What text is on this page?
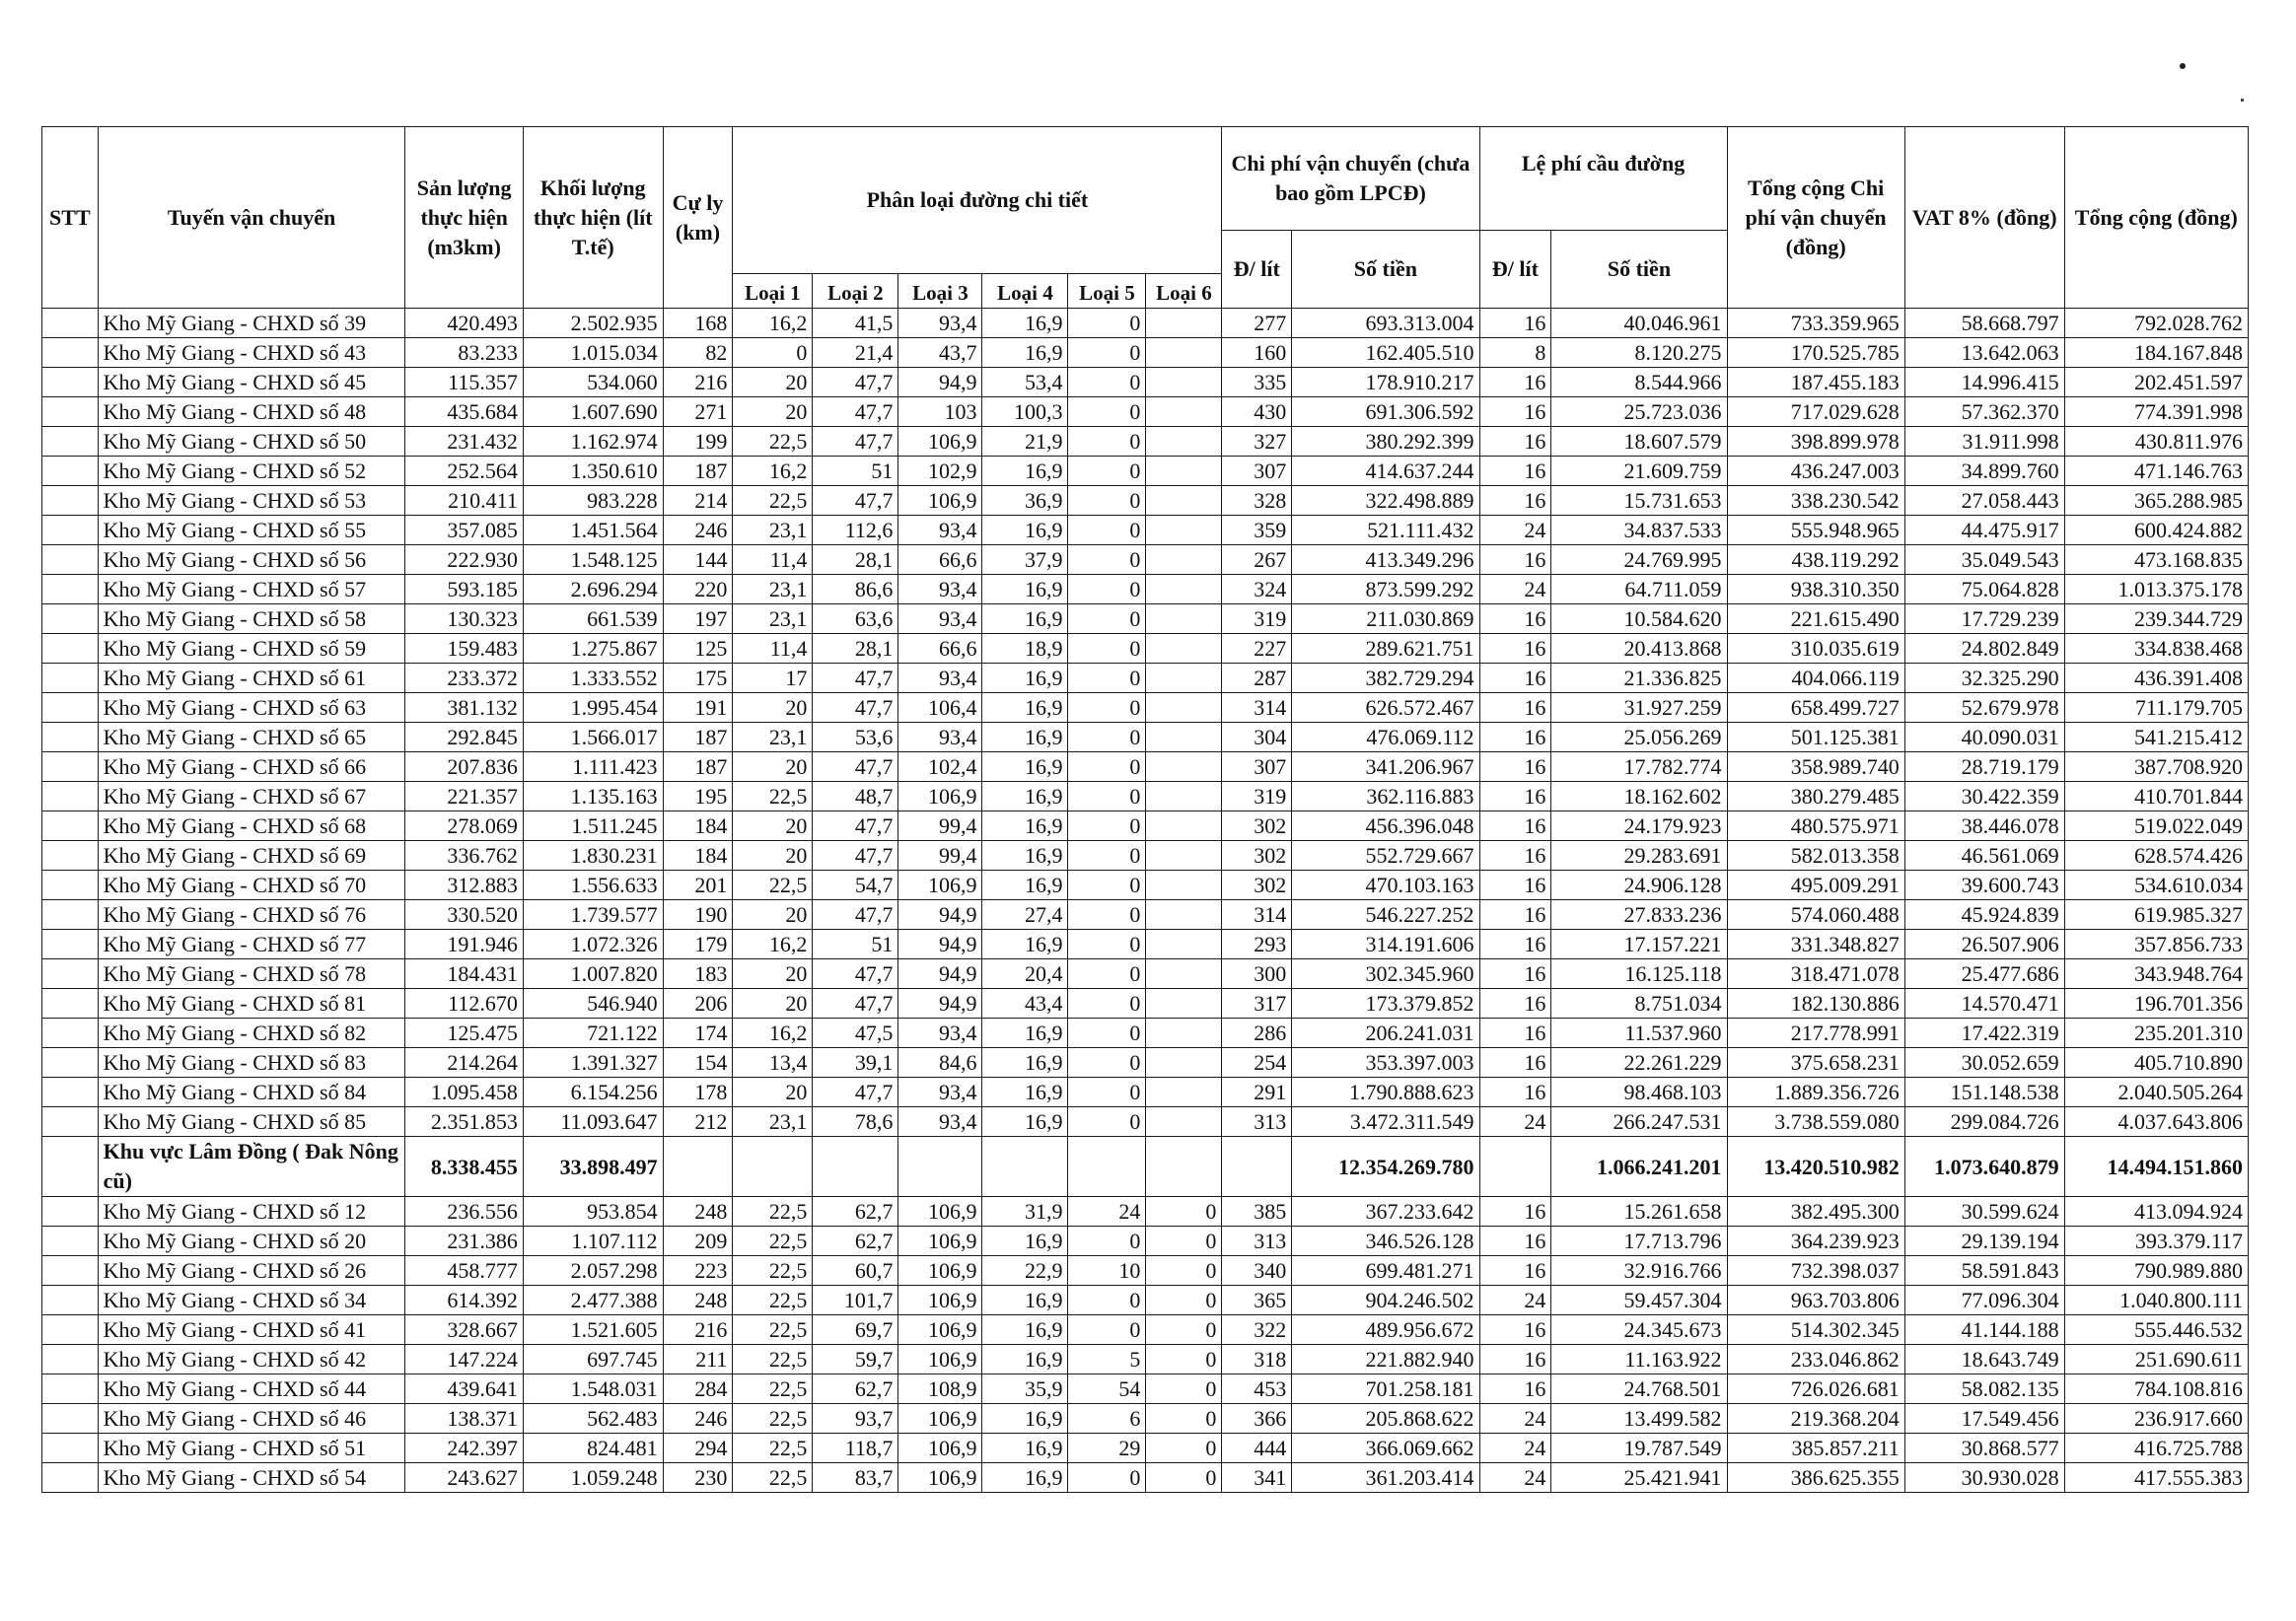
STT	Tuyến vận chuyển	Sản lượng thực hiện (m3km)	Khối lượng thực hiện (lít T.tế)	Cự ly (km)	Phân loại đường chi tiết						Chi phí vận chuyển (chưa bao gồm LPCĐ)		Lệ phí cầu đường		Tổng cộng Chi phí vận chuyển (đồng)	VAT 8% (đồng)	Tổng cộng (đồng)
											Đ/ lít	Số tiền	Đ/ lít	Số tiền			
					Loại 1	Loại 2	Loại 3	Loại 4	Loại 5	Loại 6							
	Kho Mỹ Giang - CHXD số 39	420.493	2.502.935	168	16,2	41,5	93,4	16,9	0		277	693.313.004	16	40.046.961	733.359.965	58.668.797	792.028.762
	Kho Mỹ Giang - CHXD số 43	83.233	1.015.034	82	0	21,4	43,7	16,9	0		160	162.405.510	8	8.120.275	170.525.785	13.642.063	184.167.848
	Kho Mỹ Giang - CHXD số 45	115.357	534.060	216	20	47,7	94,9	53,4	0		335	178.910.217	16	8.544.966	187.455.183	14.996.415	202.451.597
	Kho Mỹ Giang - CHXD số 48	435.684	1.607.690	271	20	47,7	103	100,3	0		430	691.306.592	16	25.723.036	717.029.628	57.362.370	774.391.998
	Kho Mỹ Giang - CHXD số 50	231.432	1.162.974	199	22,5	47,7	106,9	21,9	0		327	380.292.399	16	18.607.579	398.899.978	31.911.998	430.811.976
	Kho Mỹ Giang - CHXD số 52	252.564	1.350.610	187	16,2	51	102,9	16,9	0		307	414.637.244	16	21.609.759	436.247.003	34.899.760	471.146.763
	Kho Mỹ Giang - CHXD số 53	210.411	983.228	214	22,5	47,7	106,9	36,9	0		328	322.498.889	16	15.731.653	338.230.542	27.058.443	365.288.985
	Kho Mỹ Giang - CHXD số 55	357.085	1.451.564	246	23,1	112,6	93,4	16,9	0		359	521.111.432	24	34.837.533	555.948.965	44.475.917	600.424.882
	Kho Mỹ Giang - CHXD số 56	222.930	1.548.125	144	11,4	28,1	66,6	37,9	0		267	413.349.296	16	24.769.995	438.119.292	35.049.543	473.168.835
	Kho Mỹ Giang - CHXD số 57	593.185	2.696.294	220	23,1	86,6	93,4	16,9	0		324	873.599.292	24	64.711.059	938.310.350	75.064.828	1.013.375.178
	Kho Mỹ Giang - CHXD số 58	130.323	661.539	197	23,1	63,6	93,4	16,9	0		319	211.030.869	16	10.584.620	221.615.490	17.729.239	239.344.729
	Kho Mỹ Giang - CHXD số 59	159.483	1.275.867	125	11,4	28,1	66,6	18,9	0		227	289.621.751	16	20.413.868	310.035.619	24.802.849	334.838.468
	Kho Mỹ Giang - CHXD số 61	233.372	1.333.552	175	17	47,7	93,4	16,9	0		287	382.729.294	16	21.336.825	404.066.119	32.325.290	436.391.408
	Kho Mỹ Giang - CHXD số 63	381.132	1.995.454	191	20	47,7	106,4	16,9	0		314	626.572.467	16	31.927.259	658.499.727	52.679.978	711.179.705
	Kho Mỹ Giang - CHXD số 65	292.845	1.566.017	187	23,1	53,6	93,4	16,9	0		304	476.069.112	16	25.056.269	501.125.381	40.090.031	541.215.412
	Kho Mỹ Giang - CHXD số 66	207.836	1.111.423	187	20	47,7	102,4	16,9	0		307	341.206.967	16	17.782.774	358.989.740	28.719.179	387.708.920
	Kho Mỹ Giang - CHXD số 67	221.357	1.135.163	195	22,5	48,7	106,9	16,9	0		319	362.116.883	16	18.162.602	380.279.485	30.422.359	410.701.844
	Kho Mỹ Giang - CHXD số 68	278.069	1.511.245	184	20	47,7	99,4	16,9	0		302	456.396.048	16	24.179.923	480.575.971	38.446.078	519.022.049
	Kho Mỹ Giang - CHXD số 69	336.762	1.830.231	184	20	47,7	99,4	16,9	0		302	552.729.667	16	29.283.691	582.013.358	46.561.069	628.574.426
	Kho Mỹ Giang - CHXD số 70	312.883	1.556.633	201	22,5	54,7	106,9	16,9	0		302	470.103.163	16	24.906.128	495.009.291	39.600.743	534.610.034
	Kho Mỹ Giang - CHXD số 76	330.520	1.739.577	190	20	47,7	94,9	27,4	0		314	546.227.252	16	27.833.236	574.060.488	45.924.839	619.985.327
	Kho Mỹ Giang - CHXD số 77	191.946	1.072.326	179	16,2	51	94,9	16,9	0		293	314.191.606	16	17.157.221	331.348.827	26.507.906	357.856.733
	Kho Mỹ Giang - CHXD số 78	184.431	1.007.820	183	20	47,7	94,9	20,4	0		300	302.345.960	16	16.125.118	318.471.078	25.477.686	343.948.764
	Kho Mỹ Giang - CHXD số 81	112.670	546.940	206	20	47,7	94,9	43,4	0		317	173.379.852	16	8.751.034	182.130.886	14.570.471	196.701.356
	Kho Mỹ Giang - CHXD số 82	125.475	721.122	174	16,2	47,5	93,4	16,9	0		286	206.241.031	16	11.537.960	217.778.991	17.422.319	235.201.310
	Kho Mỹ Giang - CHXD số 83	214.264	1.391.327	154	13,4	39,1	84,6	16,9	0		254	353.397.003	16	22.261.229	375.658.231	30.052.659	405.710.890
	Kho Mỹ Giang - CHXD số 84	1.095.458	6.154.256	178	20	47,7	93,4	16,9	0		291	1.790.888.623	16	98.468.103	1.889.356.726	151.148.538	2.040.505.264
	Kho Mỹ Giang - CHXD số 85	2.351.853	11.093.647	212	23,1	78,6	93,4	16,9	0		313	3.472.311.549	24	266.247.531	3.738.559.080	299.084.726	4.037.643.806
	Khu vực Lâm Đồng ( Đak Nông cũ)	8.338.455	33.898.497									12.354.269.780		1.066.241.201	13.420.510.982	1.073.640.879	14.494.151.860
	Kho Mỹ Giang - CHXD số 12	236.556	953.854	248	22,5	62,7	106,9	31,9	24	0	385	367.233.642	16	15.261.658	382.495.300	30.599.624	413.094.924
	Kho Mỹ Giang - CHXD số 20	231.386	1.107.112	209	22,5	62,7	106,9	16,9	0	0	313	346.526.128	16	17.713.796	364.239.923	29.139.194	393.379.117
	Kho Mỹ Giang - CHXD số 26	458.777	2.057.298	223	22,5	60,7	106,9	22,9	10	0	340	699.481.271	16	32.916.766	732.398.037	58.591.843	790.989.880
	Kho Mỹ Giang - CHXD số 34	614.392	2.477.388	248	22,5	101,7	106,9	16,9	0	0	365	904.246.502	24	59.457.304	963.703.806	77.096.304	1.040.800.111
	Kho Mỹ Giang - CHXD số 41	328.667	1.521.605	216	22,5	69,7	106,9	16,9	0	0	322	489.956.672	16	24.345.673	514.302.345	41.144.188	555.446.532
	Kho Mỹ Giang - CHXD số 42	147.224	697.745	211	22,5	59,7	106,9	16,9	5	0	318	221.882.940	16	11.163.922	233.046.862	18.643.749	251.690.611
	Kho Mỹ Giang - CHXD số 44	439.641	1.548.031	284	22,5	62,7	108,9	35,9	54	0	453	701.258.181	16	24.768.501	726.026.681	58.082.135	784.108.816
	Kho Mỹ Giang - CHXD số 46	138.371	562.483	246	22,5	93,7	106,9	16,9	6	0	366	205.868.622	24	13.499.582	219.368.204	17.549.456	236.917.660
	Kho Mỹ Giang - CHXD số 51	242.397	824.481	294	22,5	118,7	106,9	16,9	29	0	444	366.069.662	24	19.787.549	385.857.211	30.868.577	416.725.788
	Kho Mỹ Giang - CHXD số 54	243.627	1.059.248	230	22,5	83,7	106,9	16,9	0	0	341	361.203.414	24	25.421.941	386.625.355	30.930.028	417.555.383
